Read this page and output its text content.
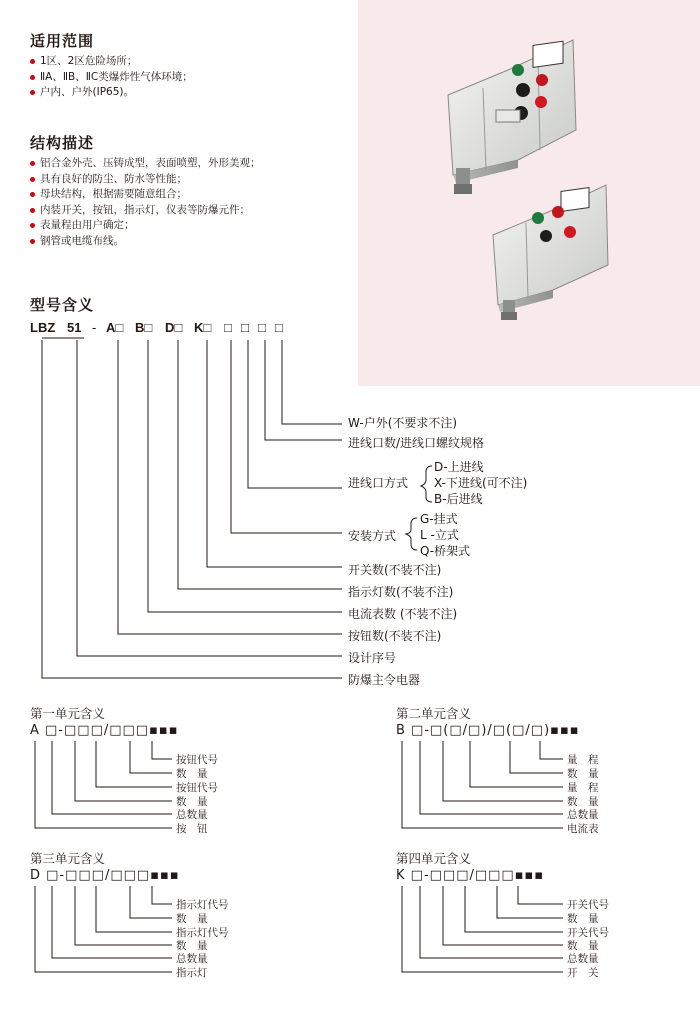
适用范围
1区、2区危险场所；
ⅡA、ⅡB、ⅡC类爆炸性气体环境；
户内、户外(IP65)。
结构描述
铝合金外壳、压铸成型，表面喷塑，外形美观；
具有良好的防尘、防水等性能；
母块结构，根据需要随意组合；
内装开关，按钮，指示灯，仪表等防爆元件；
表量程由用户确定；
钢管或电缆布线。
型号含义
LBZ 51 - A□ B□ D□ K□ □ □ □ □
W-户外(不要求不注)
进线口数/进线口螺纹规格
进线口方式
D-上进线
X-下进线(可不注)
B-后进线
安装方式
G-挂式
L -立式
Q-桥架式
开关数(不装不注)
指示灯数(不装不注)
电流表数 (不装不注)
按钮数(不装不注)
设计序号
防爆主令电器
第一单元含义
A □-□□□/□□□▪▪▪
按钮代号
数　量
按钮代号
数　量
总数量
按　钮
第二单元含义
B □-□(□/□)/□(□/□)▪▪▪
量　程
数　量
量　程
数　量
总数量
电流表
第三单元含义
D □-□□□/□□□▪▪▪
指示灯代号
数　量
指示灯代号
数　量
总数量
指示灯
第四单元含义
K □-□□□/□□□▪▪▪
开关代号
数　量
开关代号
数　量
总数量
开　关
